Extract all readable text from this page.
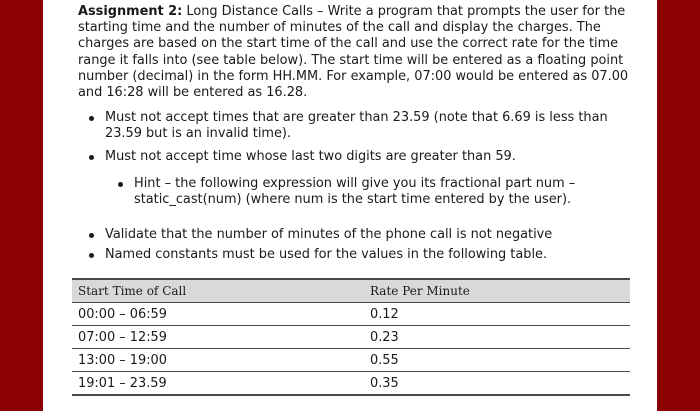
Assignment 2: Long Distance Calls – Write a program that prompts the user for the starting time and the number of minutes of the call and display the charges. The charges are based on the start time of the call and use the correct rate for the time range it falls into (see table below). The start time will be entered as a floating point number (decimal) in the form HH.MM. For example, 07:00 would be entered as 07.00 and 16:28 will be entered as 16.28.

Must not accept times that are greater than 23.59 (note that 6.69 is less than 23.59 but is an invalid time).
Must not accept time whose last two digits are greater than 59.
Hint – the following expression will give you its fractional part num – static_cast(num) (where num is the start time entered by the user).
Validate that the number of minutes of the phone call is not negative
Named constants must be used for the values in the following table.
Start Time of Call	Rate Per Minute
00:00 – 06:59	0.12
07:00 – 12:59	0.23
13:00 – 19:00	0.55
19:01 – 23.59	0.35
